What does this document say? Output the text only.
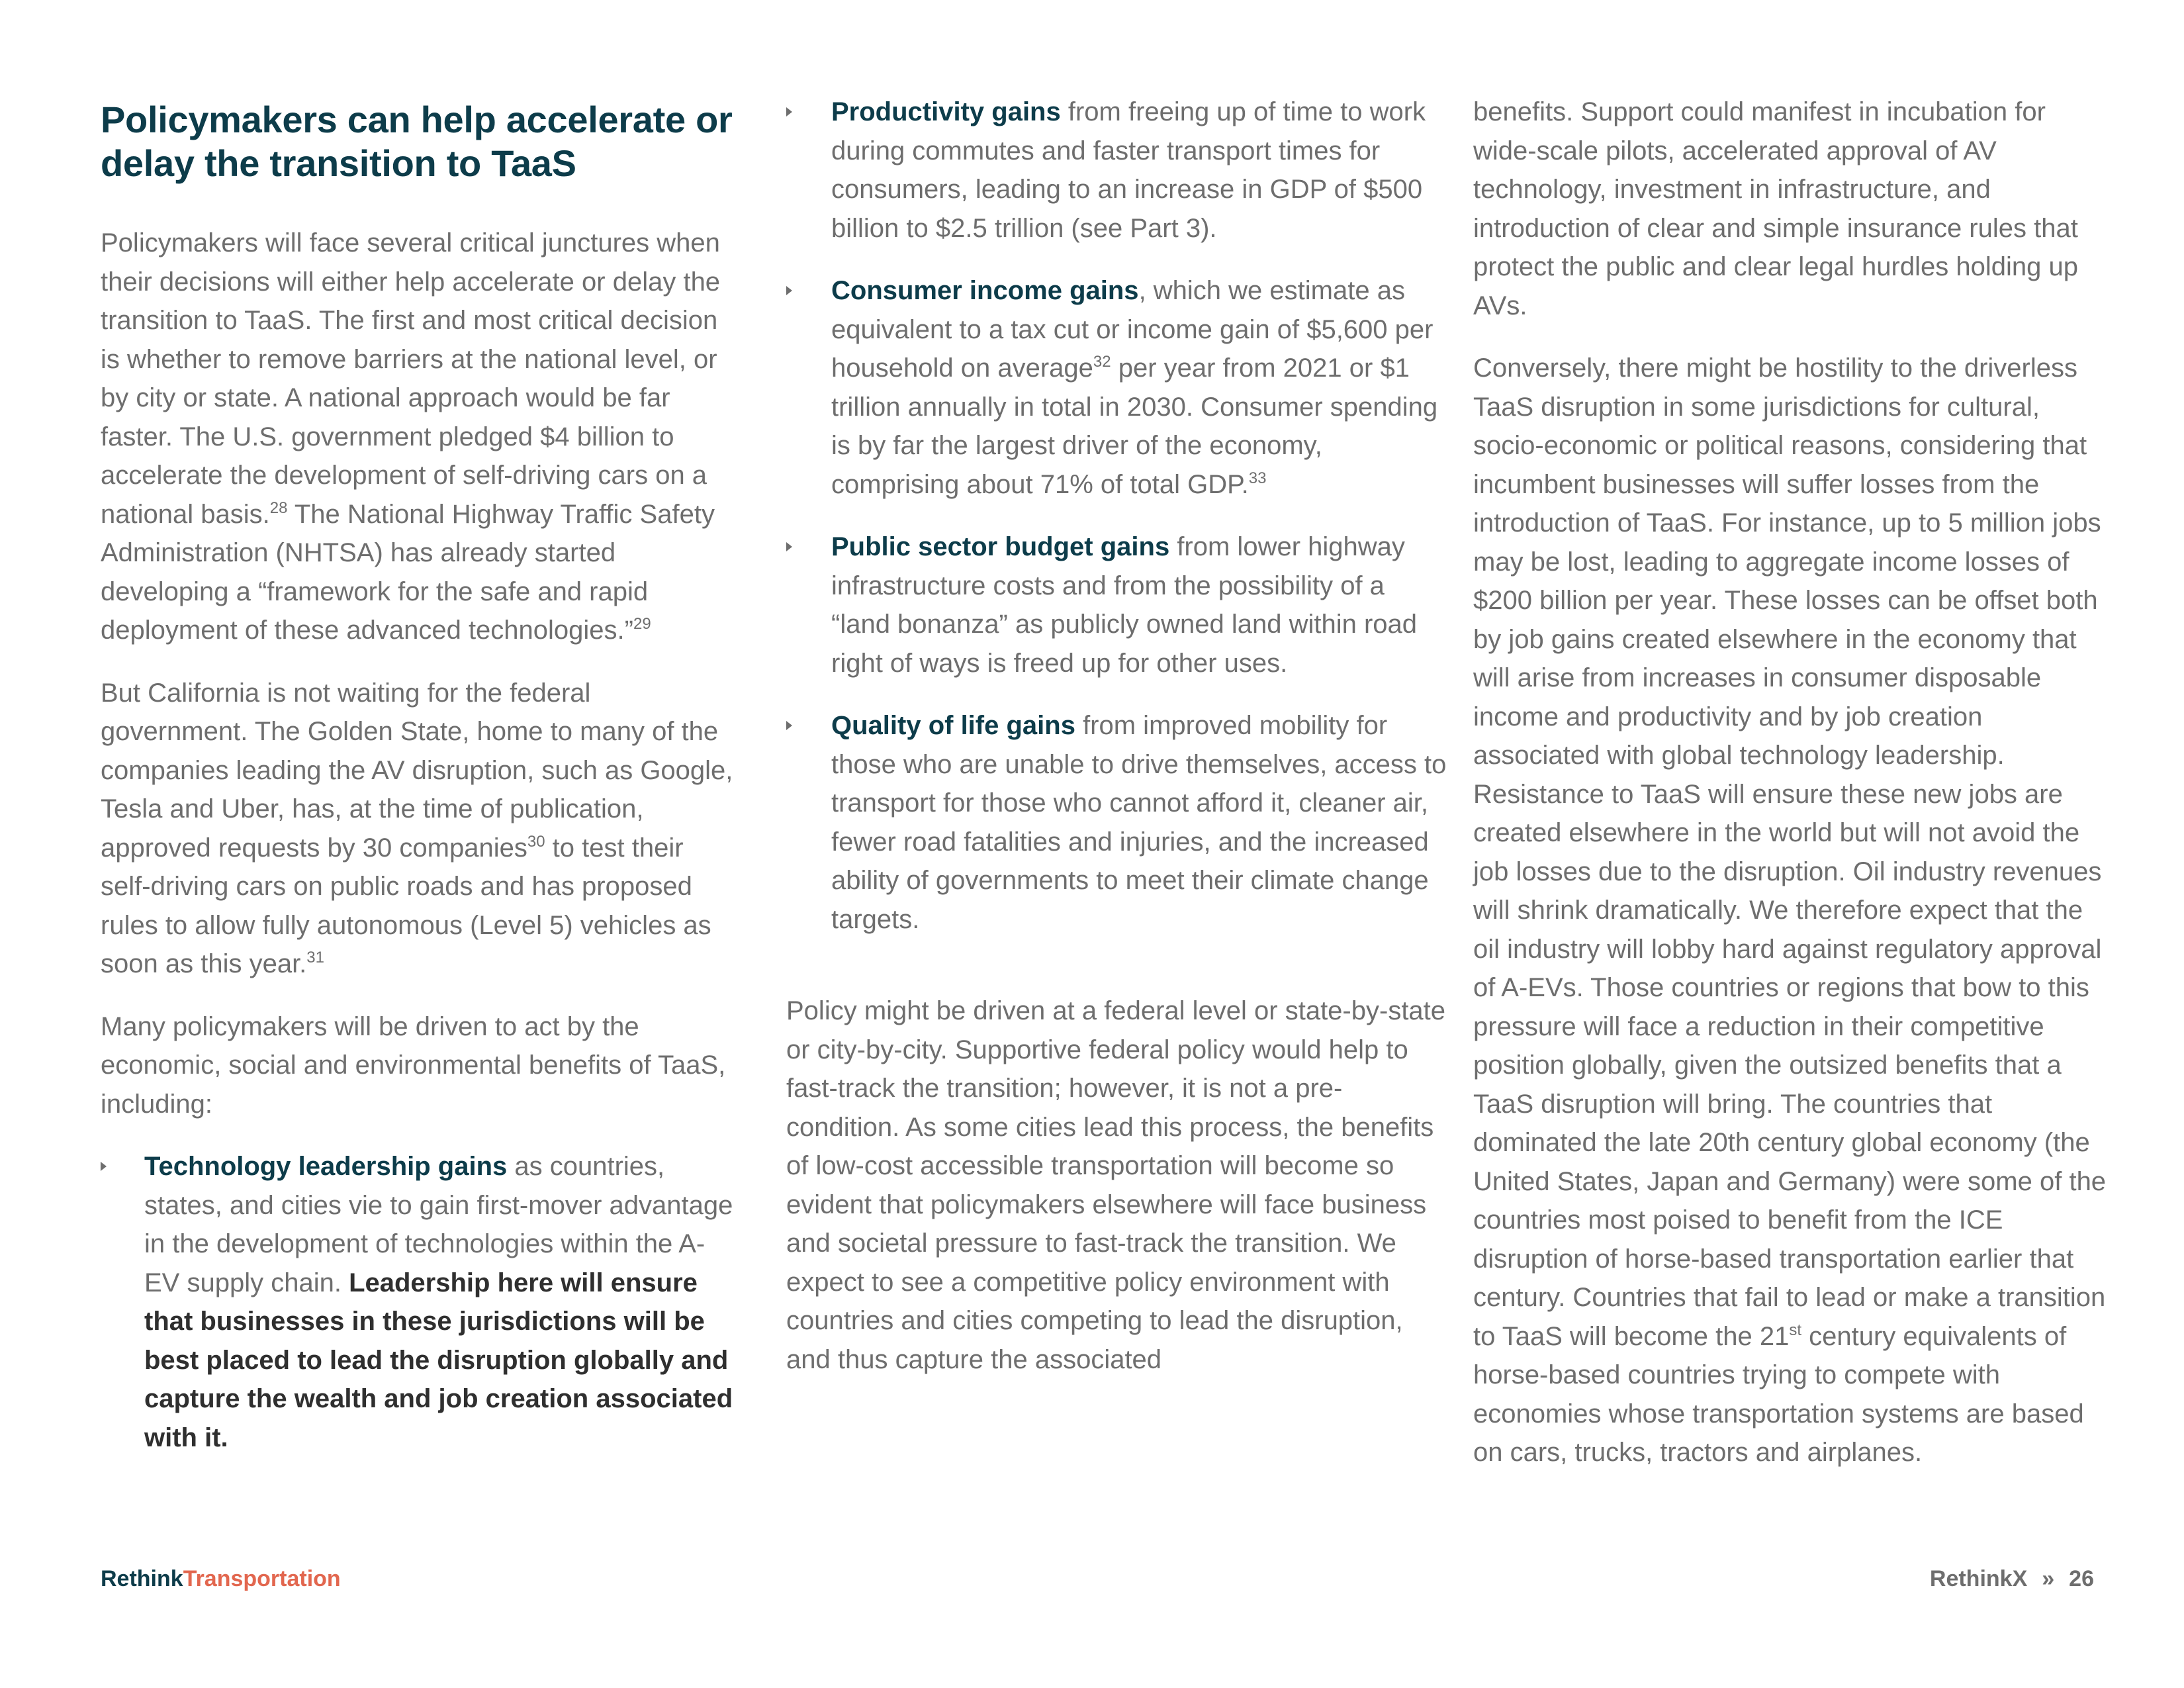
Policymakers can help accelerate or delay the transition to TaaS

Policymakers will face several critical junctures when their decisions will either help accelerate or delay the transition to TaaS. The first and most critical decision is whether to remove barriers at the national level, or by city or state. A national approach would be far faster. The U.S. government pledged $4 billion to accelerate the development of self-driving cars on a national basis.$^{28}$ The National Highway Traffic Safety Administration (NHTSA) has already started developing a “framework for the safe and rapid deployment of these advanced technologies.”$^{29}$

But California is not waiting for the federal government. The Golden State, home to many of the companies leading the AV disruption, such as Google, Tesla and Uber, has, at the time of publication, approved requests by 30 companies$^{30}$ to test their self-driving cars on public roads and has proposed rules to allow fully autonomous (Level 5) vehicles as soon as this year.$^{31}$

Many policymakers will be driven to act by the economic, social and environmental benefits of TaaS, including:

Technology leadership gains as countries, states, and cities vie to gain first-mover advantage in the development of technologies within the A-EV supply chain. Leadership here will ensure that businesses in these jurisdictions will be best placed to lead the disruption globally and capture the wealth and job creation associated with it.
Productivity gains from freeing up of time to work during commutes and faster transport times for consumers, leading to an increase in GDP of $500 billion to $2.5 trillion (see Part 3).
Consumer income gains, which we estimate as equivalent to a tax cut or income gain of $5,600 per household on average$^{32}$ per year from 2021 or $1 trillion annually in total in 2030. Consumer spending is by far the largest driver of the economy, comprising about 71% of total GDP.$^{33}$
Public sector budget gains from lower highway infrastructure costs and from the possibility of a “land bonanza” as publicly owned land within road right of ways is freed up for other uses.
Quality of life gains from improved mobility for those who are unable to drive themselves, access to transport for those who cannot afford it, cleaner air, fewer road fatalities and injuries, and the increased ability of governments to meet their climate change targets.

Policy might be driven at a federal level or state-by-state or city-by-city. Supportive federal policy would help to fast-track the transition; however, it is not a pre-condition. As some cities lead this process, the benefits of low-cost accessible transportation will become so evident that policymakers elsewhere will face business and societal pressure to fast-track the transition. We expect to see a competitive policy environment with countries and cities competing to lead the disruption, and thus capture the associated

benefits. Support could manifest in incubation for wide-scale pilots, accelerated approval of AV technology, investment in infrastructure, and introduction of clear and simple insurance rules that protect the public and clear legal hurdles holding up AVs.

Conversely, there might be hostility to the driverless TaaS disruption in some jurisdictions for cultural, socio-economic or political reasons, considering that incumbent businesses will suffer losses from the introduction of TaaS. For instance, up to 5 million jobs may be lost, leading to aggregate income losses of $200 billion per year. These losses can be offset both by job gains created elsewhere in the economy that will arise from increases in consumer disposable income and productivity and by job creation associated with global technology leadership. Resistance to TaaS will ensure these new jobs are created elsewhere in the world but will not avoid the job losses due to the disruption. Oil industry revenues will shrink dramatically. We therefore expect that the oil industry will lobby hard against regulatory approval of A-EVs. Those countries or regions that bow to this pressure will face a reduction in their competitive position globally, given the outsized benefits that a TaaS disruption will bring. The countries that dominated the late 20th century global economy (the United States, Japan and Germany) were some of the countries most poised to benefit from the ICE disruption of horse-based transportation earlier that century. Countries that fail to lead or make a transition to TaaS will become the 21st century equivalents of horse-based countries trying to compete with economies whose transportation systems are based on cars, trucks, tractors and airplanes.

RethinkTransportation	RethinkX » 26
